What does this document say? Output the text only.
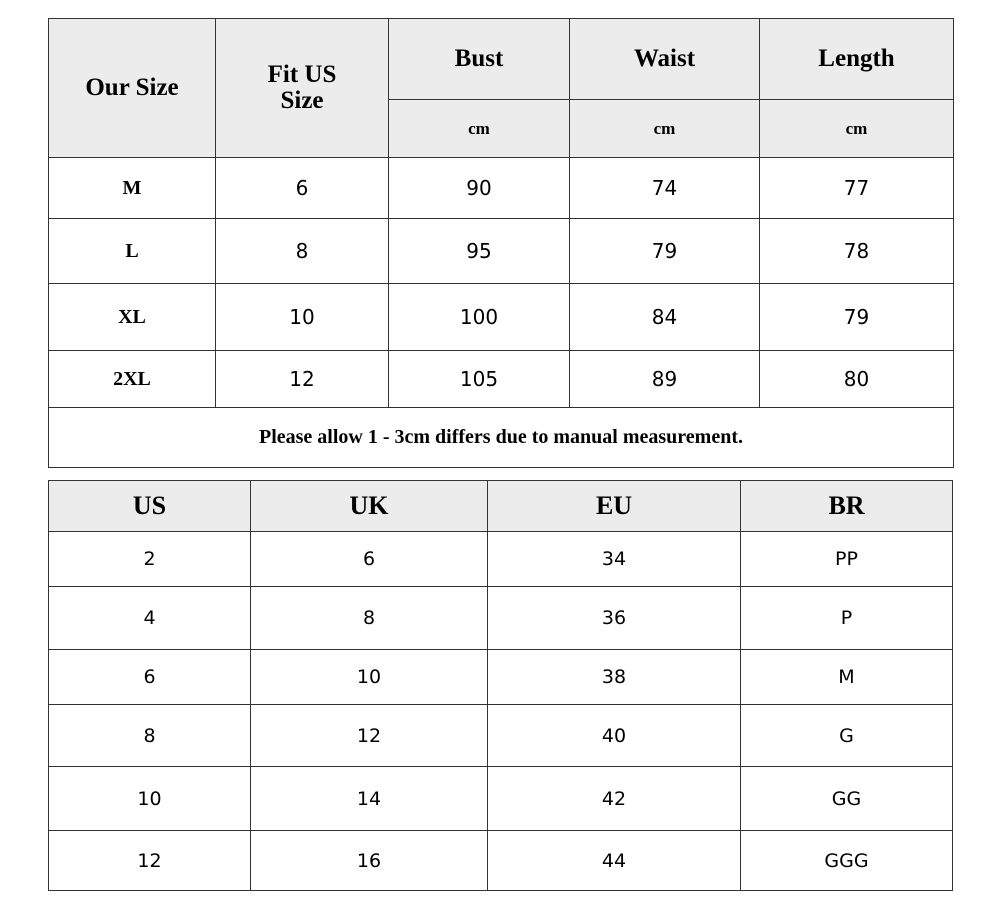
Our Size	Fit US Size	Bust	Waist	Length
		cm	cm	cm
M	6	90	74	77
L	8	95	79	78
XL	10	100	84	79
2XL	12	105	89	80
Please allow 1 - 3cm differs due to manual measurement.				
US	UK	EU	BR
2	6	34	PP
4	8	36	P
6	10	38	M
8	12	40	G
10	14	42	GG
12	16	44	GGG
